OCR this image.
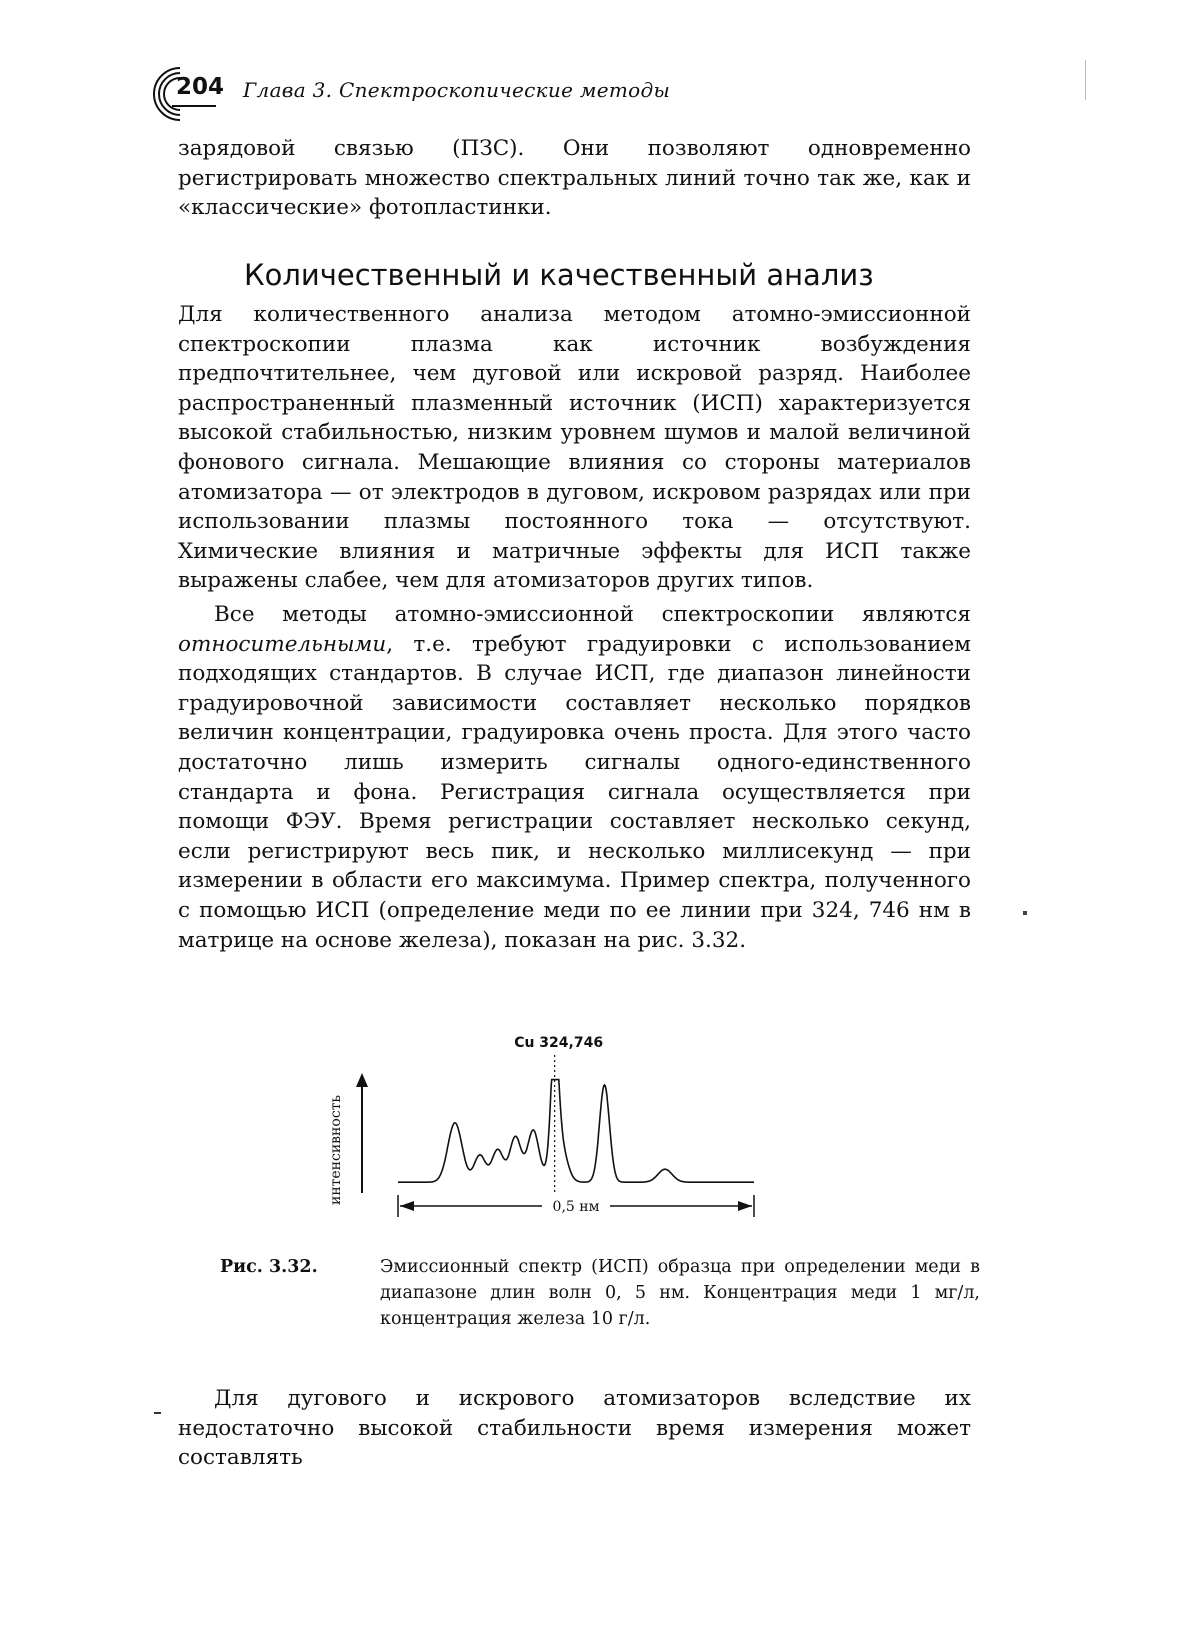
204 Глава 3. Спектроскопические методы

зарядовой связью (ПЗС). Они позволяют одновременно регистрировать множество спектральных линий точно так же, как и «классические» фотопластинки.

Количественный и качественный анализ

Для количественного анализа методом атомно-эмиссионной спектроскопии плазма как источник возбуждения предпочтительнее, чем дуговой или искровой разряд. Наиболее распространенный плазменный источник (ИСП) характеризуется высокой стабильностью, низким уровнем шумов и малой величиной фонового сигнала. Мешающие влияния со стороны материалов атомизатора — от электродов в дуговом, искровом разрядах или при использовании плазмы постоянного тока — отсутствуют. Химические влияния и матричные эффекты для ИСП также выражены слабее, чем для атомизаторов других типов.

Все методы атомно-эмиссионной спектроскопии являются относительными, т.е. требуют градуировки с использованием подходящих стандартов. В случае ИСП, где диапазон линейности градуировочной зависимости составляет несколько порядков величин концентрации, градуировка очень проста. Для этого часто достаточно лишь измерить сигналы одного-единственного стандарта и фона. Регистрация сигнала осуществляется при помощи ФЭУ. Время регистрации составляет несколько секунд, если регистрируют весь пик, и несколько миллисекунд — при измерении в области его максимума. Пример спектра, полученного с помощью ИСП (определение меди по ее линии при 324, 746 нм в матрице на основе железа), показан на рис. 3.32.

Cu 324,746
интенсивность
0,5 нм
Рис. 3.32.	Эмиссионный спектр (ИСП) образца при определении меди в диапазоне длин волн 0, 5 нм. Концентрация меди 1 мг/л, концентрация железа 10 г/л.

Для дугового и искрового атомизаторов вследствие их недостаточно высокой стабильности время измерения может составлять
